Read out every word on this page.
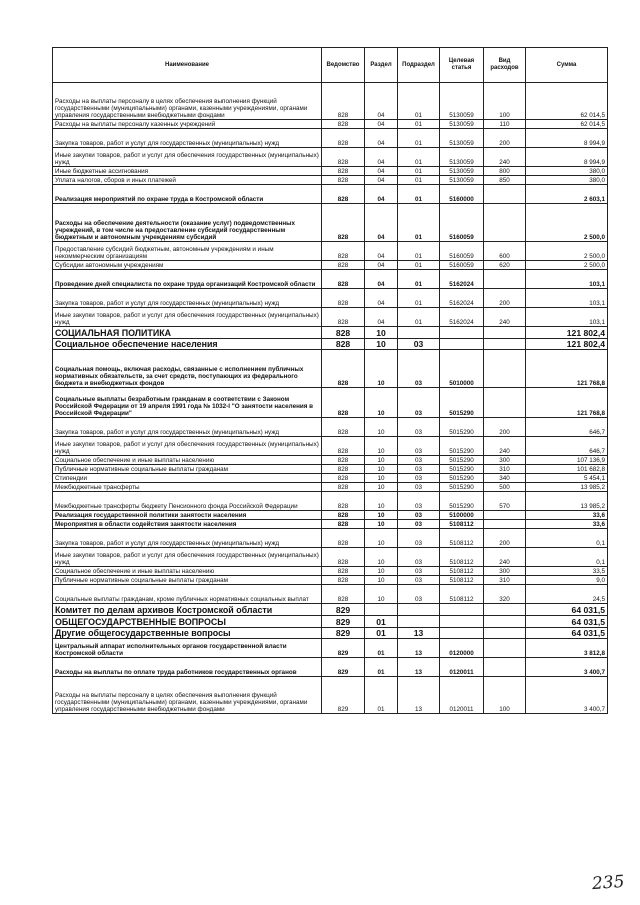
Наименование	Ведомство	Раздел	Подраздел	Целевая статья	Вид расходов	Сумма
Расходы на выплаты персоналу в целях обеспечения выполнения функций государственными (муниципальными) органами, казенными учреждениями, органами управления государственными внебюджетными фондами	828	04	01	5130059	100	62 014,5
Расходы на выплаты персоналу казенных учреждений	828	04	01	5130059	110	62 014,5
Закупка товаров, работ и услуг для государственных (муниципальных) нужд	828	04	01	5130059	200	8 994,9
Иные закупки товаров, работ и услуг для обеспечения государственных (муниципальных) нужд	828	04	01	5130059	240	8 994,9
Иные бюджетные ассигнования	828	04	01	5130059	800	380,0
Уплата налогов, сборов и иных платежей	828	04	01	5130059	850	380,0
Реализация мероприятий по охране труда в Костромской области	828	04	01	5160000		2 603,1
Расходы на обеспечение деятельности (оказание услуг) подведомственных учреждений, в том числе на предоставление субсидий государственным бюджетным и автономным учреждениям субсидий	828	04	01	5160059		2 500,0
Предоставление субсидий бюджетным, автономным учреждениям и иным некоммерческим организациям	828	04	01	5160059	600	2 500,0
Субсидии автономным учреждениям	828	04	01	5160059	620	2 500,0
Проведение дней специалиста по охране труда организаций Костромской области	828	04	01	5162024		103,1
Закупка товаров, работ и услуг для государственных (муниципальных) нужд	828	04	01	5162024	200	103,1
Иные закупки товаров, работ и услуг для обеспечения государственных (муниципальных) нужд	828	04	01	5162024	240	103,1
СОЦИАЛЬНАЯ ПОЛИТИКА	828	10				121 802,4
Социальное обеспечение населения	828	10	03			121 802,4
Социальная помощь, включая расходы, связанные с исполнением публичных нормативных обязательств, за счет средств, поступающих из федерального бюджета и внебюджетных фондов	828	10	03	5010000		121 768,8
Социальные выплаты безработным гражданам в соответствии с Законом Российской Федерации от 19 апреля 1991 года № 1032-I "О занятости населения в Российской Федерации"	828	10	03	5015290		121 768,8
Закупка товаров, работ и услуг для государственных (муниципальных) нужд	828	10	03	5015290	200	646,7
Иные закупки товаров, работ и услуг для обеспечения государственных (муниципальных) нужд	828	10	03	5015290	240	646,7
Социальное обеспечение и иные выплаты населению	828	10	03	5015290	300	107 136,9
Публичные нормативные социальные выплаты гражданам	828	10	03	5015290	310	101 682,8
Стипендии	828	10	03	5015290	340	5 454,1
Межбюджетные трансферты	828	10	03	5015290	500	13 985,2
Межбюджетные трансферты бюджету Пенсионного фонда Российской Федерации	828	10	03	5015290	570	13 985,2
Реализация государственной политики занятости населения	828	10	03	5100000		33,6
Мероприятия в области содействия занятости населения	828	10	03	5108112		33,6
Закупка товаров, работ и услуг для государственных (муниципальных) нужд	828	10	03	5108112	200	0,1
Иные закупки товаров, работ и услуг для обеспечения государственных (муниципальных) нужд	828	10	03	5108112	240	0,1
Социальное обеспечение и иные выплаты населению	828	10	03	5108112	300	33,5
Публичные нормативные социальные выплаты гражданам	828	10	03	5108112	310	9,0
Социальные выплаты гражданам, кроме публичных нормативных социальных выплат	828	10	03	5108112	320	24,5
Комитет по делам архивов Костромской области	829					64 031,5
ОБЩЕГОСУДАРСТВЕННЫЕ ВОПРОСЫ	829	01				64 031,5
Другие общегосударственные вопросы	829	01	13			64 031,5
Центральный аппарат исполнительных органов государственной власти Костромской области	829	01	13	0120000		3 812,8
Расходы на выплаты по оплате труда работников государственных органов	829	01	13	0120011		3 400,7
Расходы на выплаты персоналу в целях обеспечения выполнения функций государственными (муниципальными) органами, казенными учреждениями, органами управления государственными внебюджетными фондами	829	01	13	0120011	100	3 400,7
235
